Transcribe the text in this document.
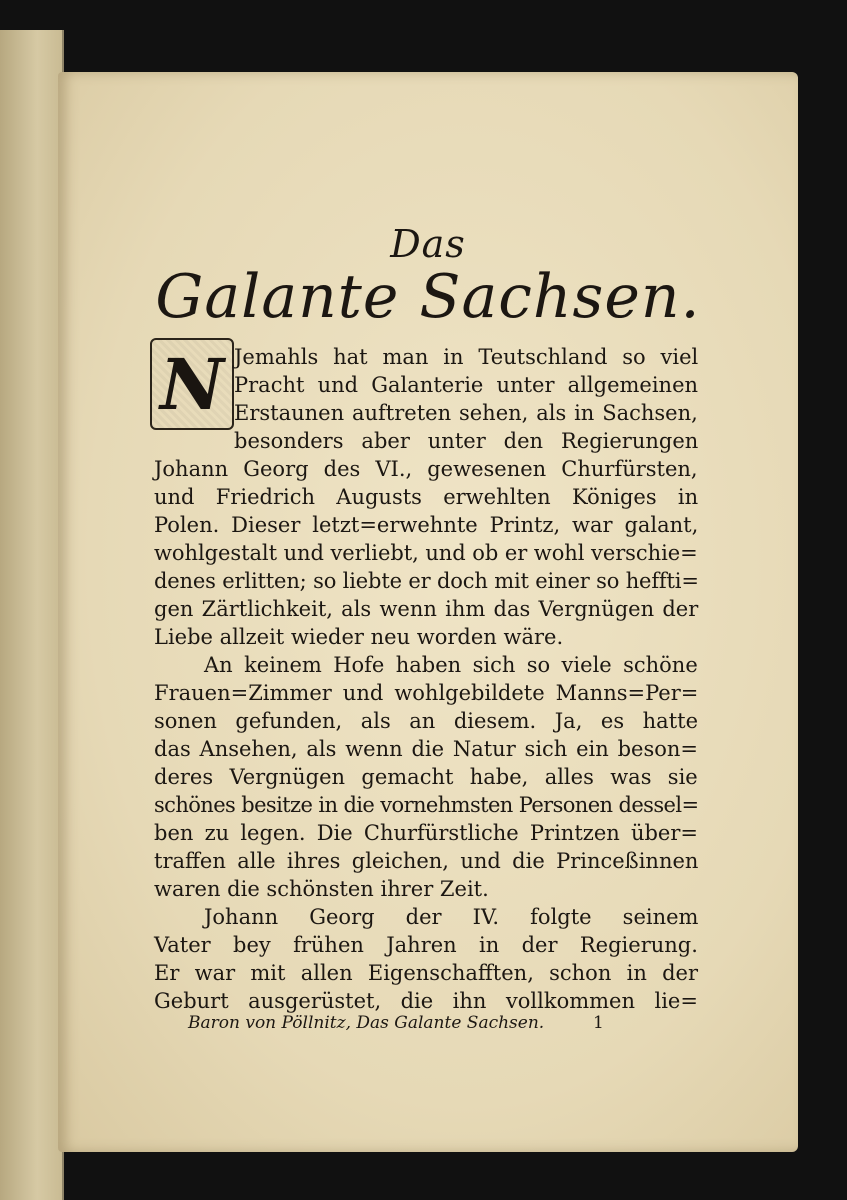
Das
Galante Sachsen.
N Jemahls hat man in Teutschland so viel
Pracht und Galanterie unter allgemeinen
Erstaunen auftreten sehen, als in Sachsen,
besonders aber unter den Regierungen
Johann Georg des VI., gewesenen Churfürsten,
und Friedrich Augusts erwehlten Königes in
Polen. Dieser letzt=erwehnte Printz, war galant,
wohlgestalt und verliebt, und ob er wohl verschie=
denes erlitten; so liebte er doch mit einer so heffti=
gen Zärtlichkeit, als wenn ihm das Vergnügen der
Liebe allzeit wieder neu worden wäre.
An keinem Hofe haben sich so viele schöne
Frauen=Zimmer und wohlgebildete Manns=Per=
sonen gefunden, als an diesem. Ja, es hatte
das Ansehen, als wenn die Natur sich ein beson=
deres Vergnügen gemacht habe, alles was sie
schönes besitze in die vornehmsten Personen dessel=
ben zu legen. Die Churfürstliche Printzen über=
traffen alle ihres gleichen, und die Princeßinnen
waren die schönsten ihrer Zeit.
Johann Georg der IV. folgte seinem
Vater bey frühen Jahren in der Regierung.
Er war mit allen Eigenschafften, schon in der
Geburt ausgerüstet, die ihn vollkommen lie=
Baron von Pöllnitz, Das Galante Sachsen.	1
